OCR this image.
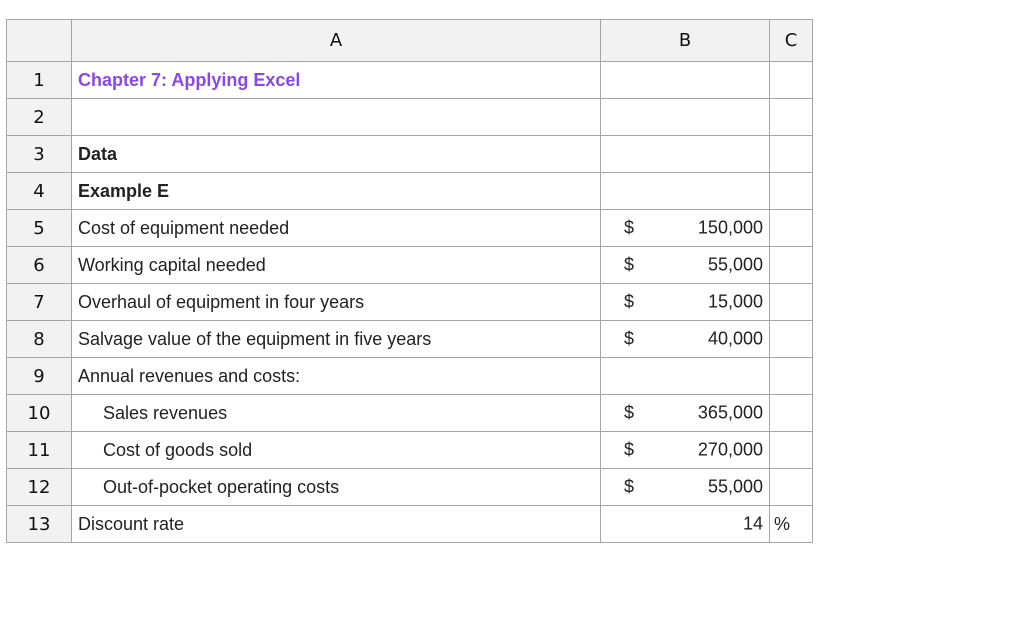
	A	B	C
1	Chapter 7: Applying Excel	

2		

3	Data	

4	Example E	

5	Cost of equipment needed	$ 150,000	

6	Working capital needed	$ 55,000	

7	Overhaul of equipment in four years	$ 15,000	

8	Salvage value of the equipment in five years	$ 40,000	

9	Annual revenues and costs:	

10	Sales revenues	$ 365,000	

11	Cost of goods sold	$ 270,000	

12	Out-of-pocket operating costs	$ 55,000	

13	Discount rate	14	%
